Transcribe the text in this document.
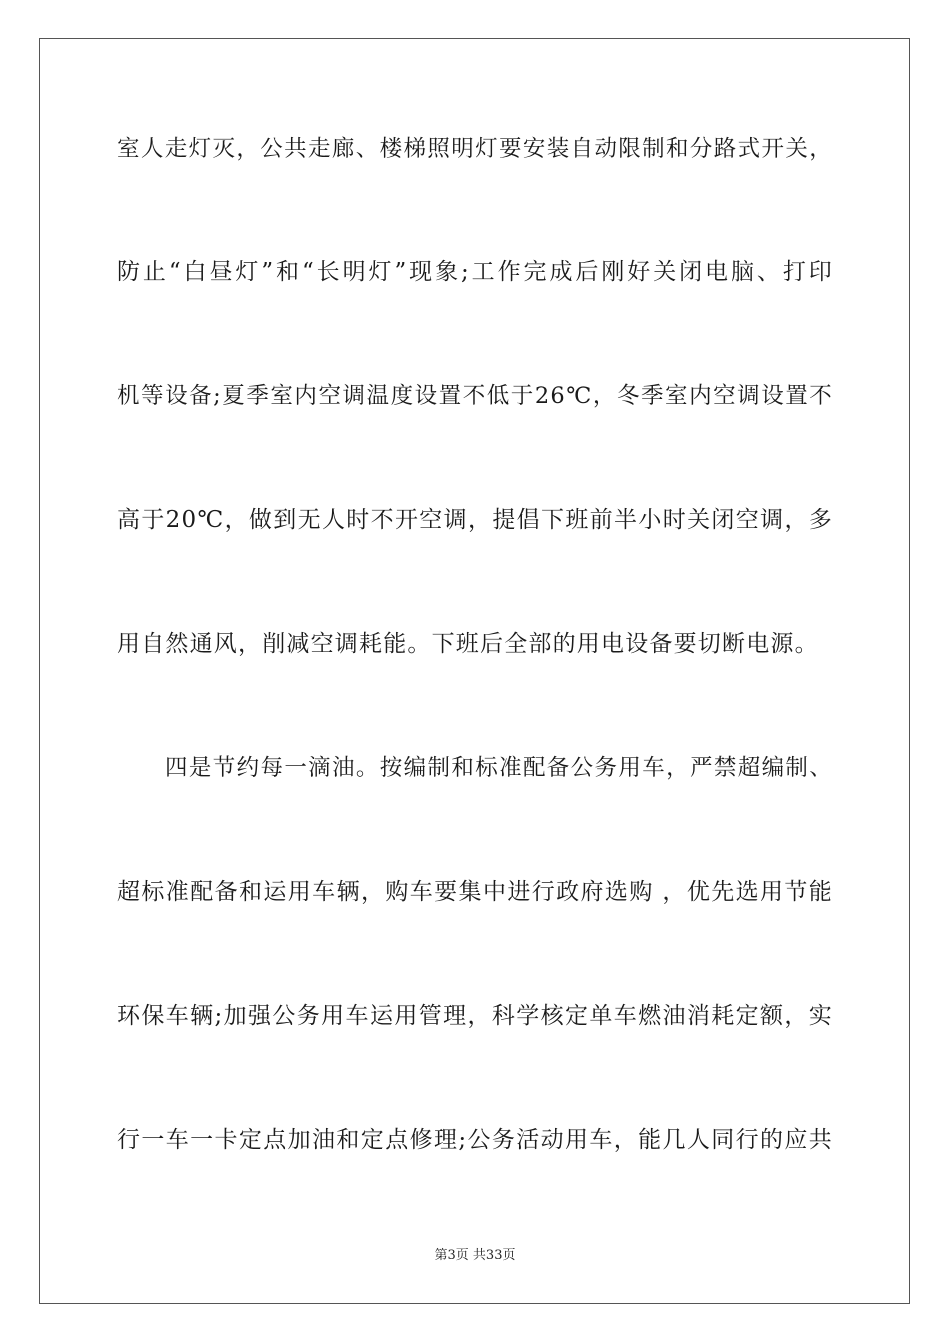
室人走灯灭，公共走廊、楼梯照明灯要安装自动限制和分路式开关，
防止“白昼灯”和“长明灯”现象;工作完成后刚好关闭电脑、打印
机等设备;夏季室内空调温度设置不低于26℃，冬季室内空调设置不
高于20℃，做到无人时不开空调，提倡下班前半小时关闭空调，多
用自然通风，削减空调耗能。下班后全部的用电设备要切断电源。
四是节约每一滴油。按编制和标准配备公务用车，严禁超编制、
超标准配备和运用车辆，购车要集中进行政府选购 ，优先选用节能
环保车辆;加强公务用车运用管理，科学核定单车燃油消耗定额，实
行一车一卡定点加油和定点修理;公务活动用车，能几人同行的应共
第3页 共33页
